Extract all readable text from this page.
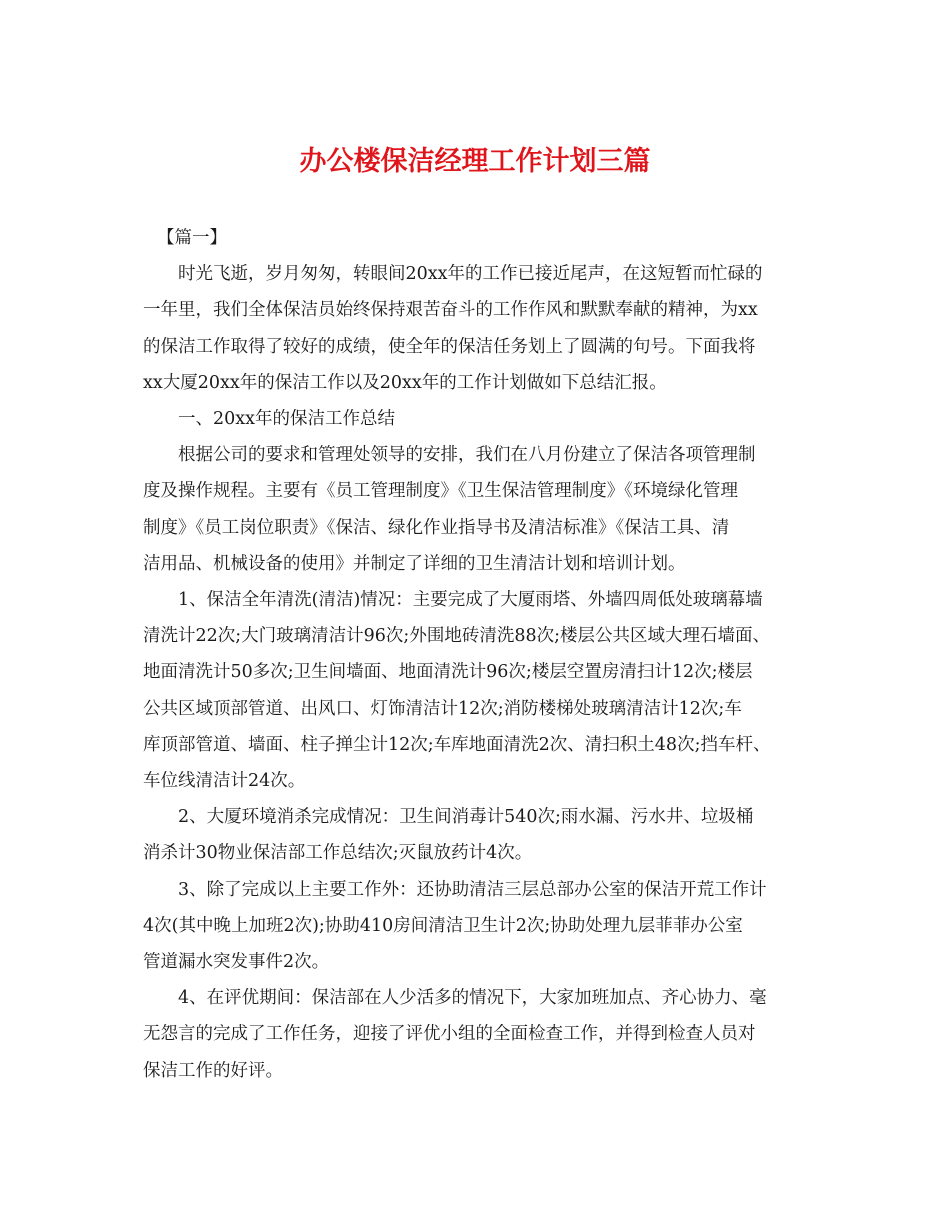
办公楼保洁经理工作计划三篇
【篇一】
时光飞逝，岁月匆匆，转眼间20xx年的工作已接近尾声，在这短暂而忙碌的
一年里，我们全体保洁员始终保持艰苦奋斗的工作作风和默默奉献的精神，为xx
的保洁工作取得了较好的成绩，使全年的保洁任务划上了圆满的句号。下面我将
xx大厦20xx年的保洁工作以及20xx年的工作计划做如下总结汇报。
一、20xx年的保洁工作总结
根据公司的要求和管理处领导的安排，我们在八月份建立了保洁各项管理制
度及操作规程。主要有《员工管理制度》《卫生保洁管理制度》《环境绿化管理
制度》《员工岗位职责》《保洁、绿化作业指导书及清洁标准》《保洁工具、清
洁用品、机械设备的使用》并制定了详细的卫生清洁计划和培训计划。
1、保洁全年清洗(清洁)情况：主要完成了大厦雨塔、外墙四周低处玻璃幕墙
清洗计22次;大门玻璃清洁计96次;外围地砖清洗88次;楼层公共区域大理石墙面、
地面清洗计50多次;卫生间墙面、地面清洗计96次;楼层空置房清扫计12次;楼层
公共区域顶部管道、出风口、灯饰清洁计12次;消防楼梯处玻璃清洁计12次;车
库顶部管道、墙面、柱子掸尘计12次;车库地面清洗2次、清扫积土48次;挡车杆、
车位线清洁计24次。
2、大厦环境消杀完成情况：卫生间消毒计540次;雨水漏、污水井、垃圾桶
消杀计30物业保洁部工作总结次;灭鼠放药计4次。
3、除了完成以上主要工作外：还协助清洁三层总部办公室的保洁开荒工作计
4次(其中晚上加班2次);协助410房间清洁卫生计2次;协助处理九层菲菲办公室
管道漏水突发事件2次。
4、在评优期间：保洁部在人少活多的情况下，大家加班加点、齐心协力、毫
无怨言的完成了工作任务，迎接了评优小组的全面检查工作，并得到检查人员对
保洁工作的好评。
